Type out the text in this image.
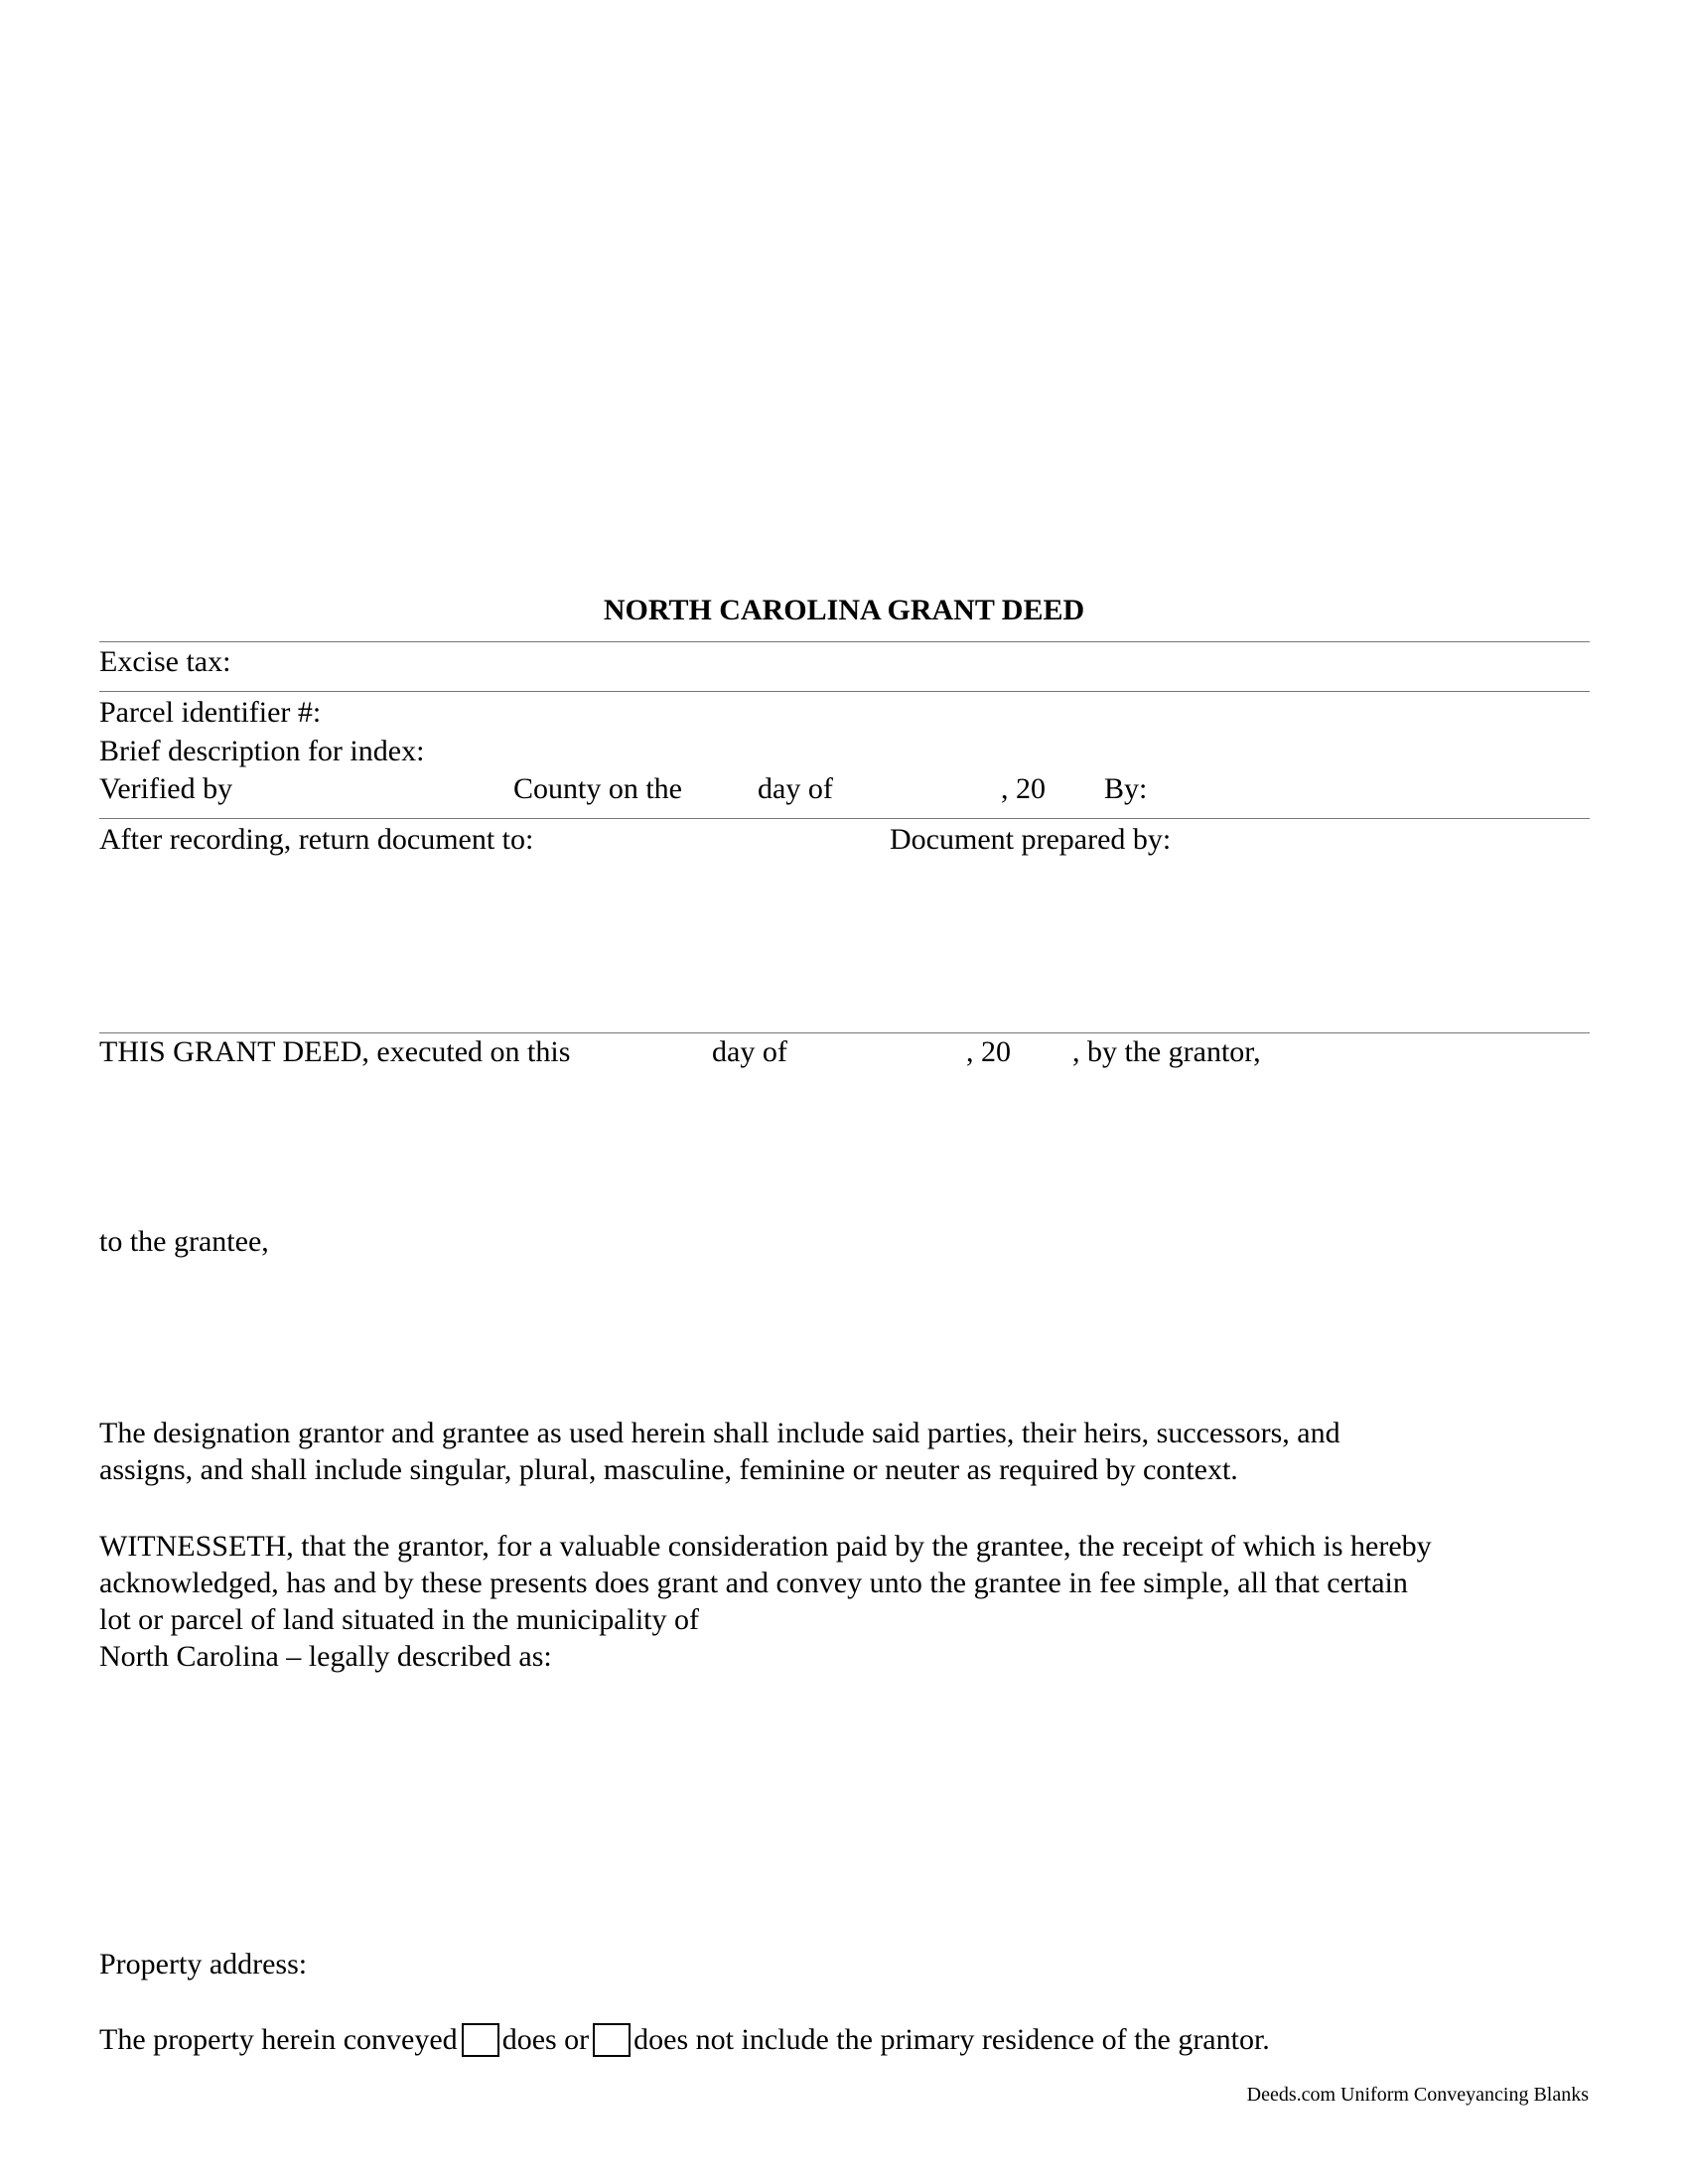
NORTH CAROLINA GRANT DEED
Excise tax:
Parcel identifier #:
Brief description for index:
Verified by	County on the	day of	, 20 By:
After recording, return document to:	Document prepared by:
THIS GRANT DEED, executed on this	day of	, 20 , by the grantor,
to the grantee,
The designation grantor and grantee as used herein shall include said parties, their heirs, successors, and
assigns, and shall include singular, plural, masculine, feminine or neuter as required by context.
WITNESSETH, that the grantor, for a valuable consideration paid by the grantee, the receipt of which is hereby
acknowledged, has and by these presents does grant and convey unto the grantee in fee simple, all that certain
lot or parcel of land situated in the municipality of
North Carolina – legally described as:
Property address:
The property herein conveyed does or does not include the primary residence of the grantor.
Deeds.com Uniform Conveyancing Blanks
